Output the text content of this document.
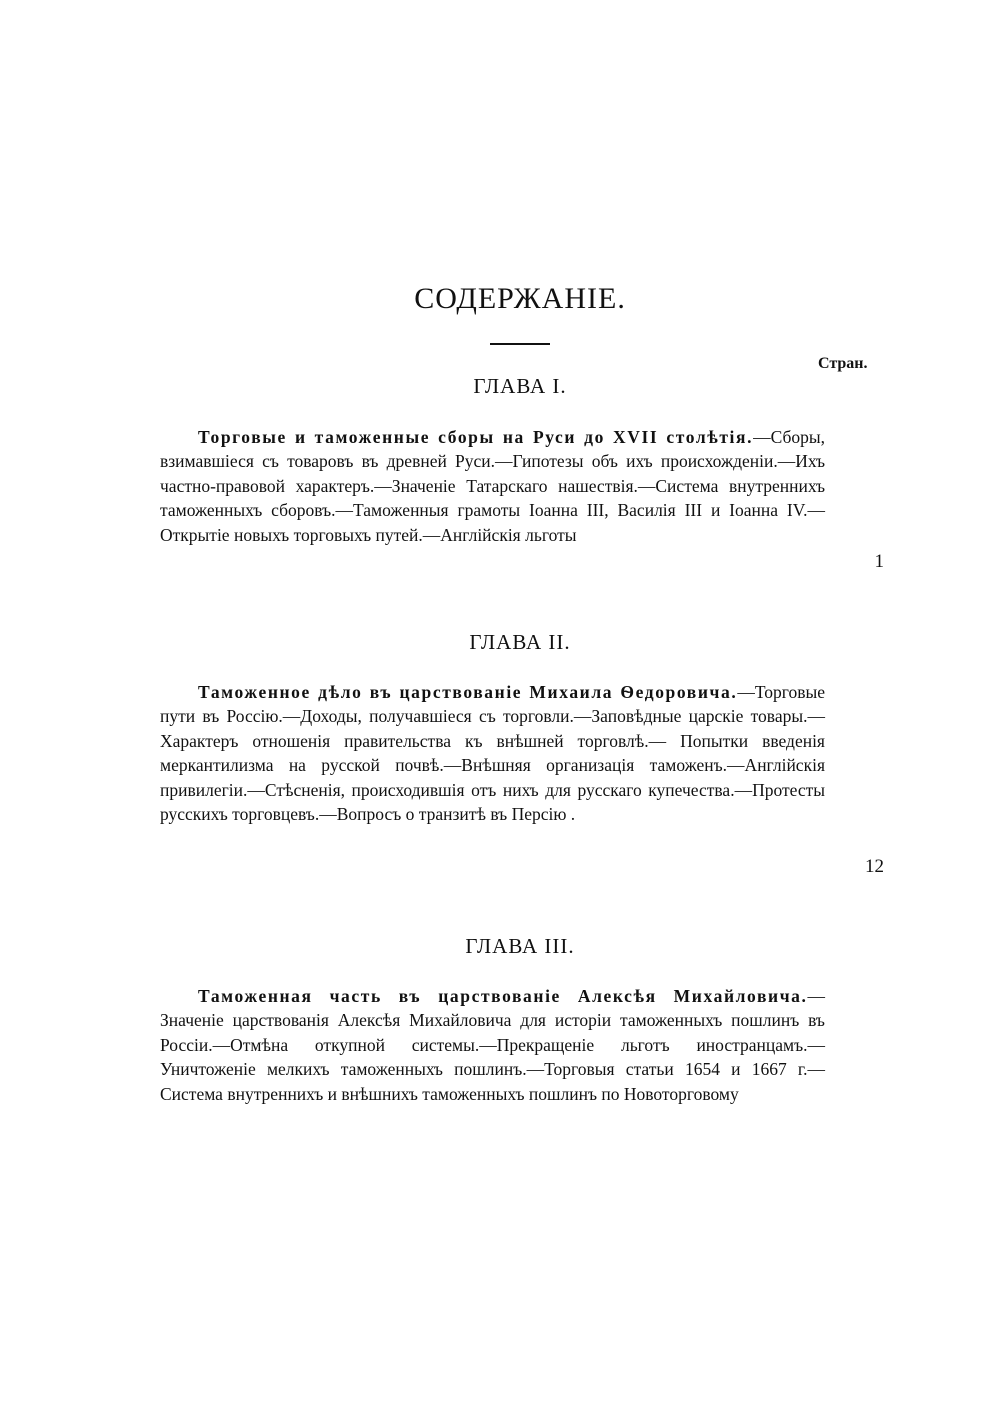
СОДЕРЖАНІЕ.
Стран.
ГЛАВА I.
Торговые и таможенные сборы на Руси до XVII столѣтія.—Сборы, взимавшіеся съ товаровъ въ древней Руси.—Гипотезы объ ихъ происхожденіи.—Ихъ частно-правовой характеръ.—Значеніе Татарскаго нашествія.—Система внутреннихъ таможенныхъ сборовъ.—Таможенныя грамоты Іоанна III, Василія III и Іоанна IV.—Открытіе новыхъ торговыхъ путей.—Англійскія льготы
1
ГЛАВА II.
Таможенное дѣло въ царствованіе Михаила Ѳедоровича.—Торговые пути въ Россію.—Доходы, получавшіеся съ торговли.—Заповѣдные царскіе товары.—Характеръ отношенія правительства къ внѣшней торговлѣ.— Попытки введенія меркантилизма на русской почвѣ.—Внѣшняя организація таможенъ.—Англійскія привилегіи.—Стѣсненія, происходившія отъ нихъ для русскаго купечества.—Протесты русскихъ торговцевъ.—Вопросъ о транзитѣ въ Персію .
12
ГЛАВА III.
Таможенная часть въ царствованіе Алексѣя Михайловича.—Значеніе царствованія Алексѣя Михайловича для исторіи таможенныхъ пошлинъ въ Россіи.—Отмѣна откупной системы.—Прекращеніе льготъ иностранцамъ.—Уничтоженіе мелкихъ таможенныхъ пошлинъ.—Торговыя статьи 1654 и 1667 г.—Система внутреннихъ и внѣшнихъ таможенныхъ пошлинъ по Новоторговому
